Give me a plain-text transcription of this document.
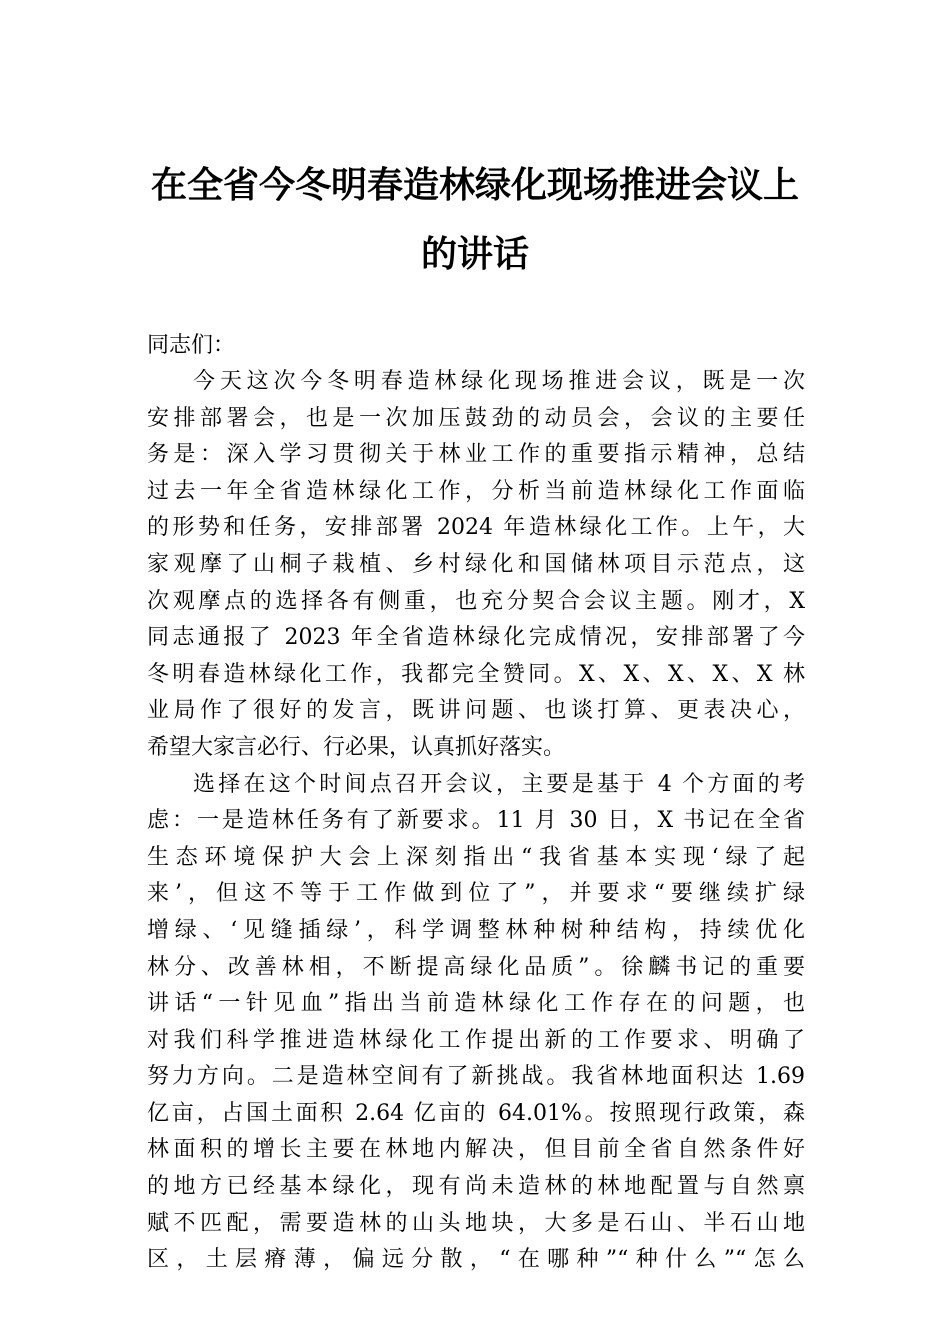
在全省今冬明春造林绿化现场推进会议上
的讲话
同志们：
今天这次今冬明春造林绿化现场推进会议，既是一次
安排部署会，也是一次加压鼓劲的动员会，会议的主要任
务是：深入学习贯彻关于林业工作的重要指示精神，总结
过去一年全省造林绿化工作，分析当前造林绿化工作面临
的形势和任务，安排部署 2024 年造林绿化工作。上午，大
家观摩了山桐子栽植、乡村绿化和国储林项目示范点，这
次观摩点的选择各有侧重，也充分契合会议主题。刚才，X
同志通报了 2023 年全省造林绿化完成情况，安排部署了今
冬明春造林绿化工作，我都完全赞同。X、X、X、X、X 林
业局作了很好的发言，既讲问题、也谈打算、更表决心，
希望大家言必行、行必果，认真抓好落实。
选择在这个时间点召开会议，主要是基于 4 个方面的考
虑：一是造林任务有了新要求。11 月 30 日，X 书记在全省
生态环境保护大会上深刻指出“我省基本实现‘绿了起
来’，但这不等于工作做到位了”，并要求“要继续扩绿
增绿、‘见缝插绿’，科学调整林种树种结构，持续优化
林分、改善林相，不断提高绿化品质”。徐麟书记的重要
讲话“一针见血”指出当前造林绿化工作存在的问题，也
对我们科学推进造林绿化工作提出新的工作要求、明确了
努力方向。二是造林空间有了新挑战。我省林地面积达 1.69
亿亩，占国土面积 2.64 亿亩的 64.01%。按照现行政策，森
林面积的增长主要在林地内解决，但目前全省自然条件好
的地方已经基本绿化，现有尚未造林的林地配置与自然禀
赋不匹配，需要造林的山头地块，大多是石山、半石山地
区，土层瘠薄，偏远分散，“在哪种”“种什么”“怎么
